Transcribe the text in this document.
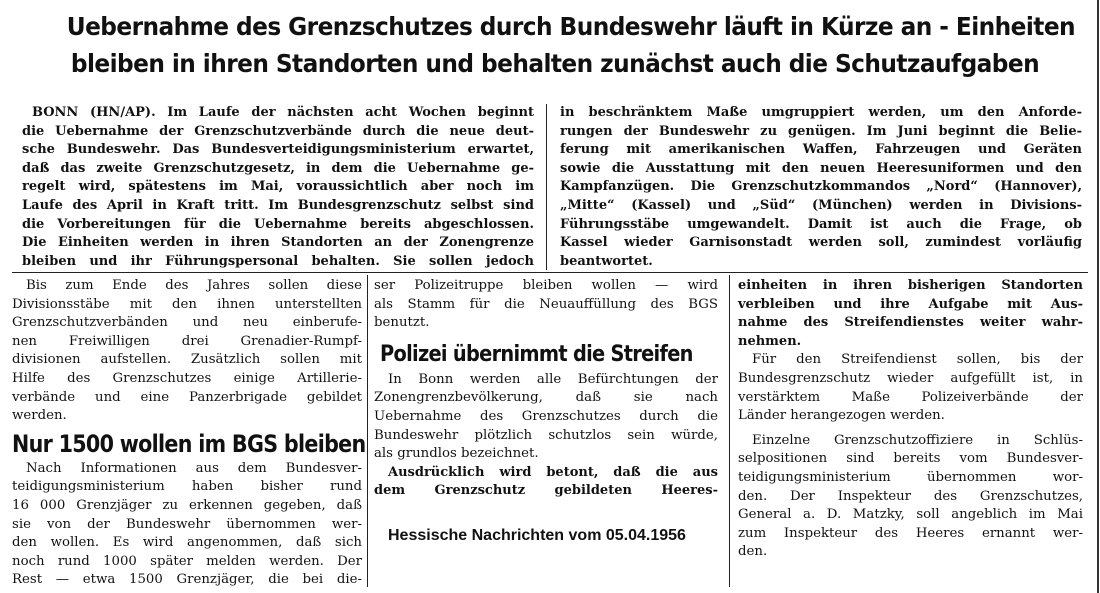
Uebernahme des Grenzschutzes durch Bundeswehr läuft in Kürze an - Einheiten
bleiben in ihren Standorten und behalten zunächst auch die Schutzaufgaben

BONN (HN/AP). Im Laufe der nächsten acht Wochen beginnt
die Uebernahme der Grenzschutzverbände durch die neue deut-
sche Bundeswehr. Das Bundesverteidigungsministerium erwartet,
daß das zweite Grenzschutzgesetz, in dem die Uebernahme ge-
regelt wird, spätestens im Mai, voraussichtlich aber noch im
Laufe des April in Kraft tritt. Im Bundesgrenzschutz selbst sind
die Vorbereitungen für die Uebernahme bereits abgeschlossen.
Die Einheiten werden in ihren Standorten an der Zonengrenze
bleiben und ihr Führungspersonal behalten. Sie sollen jedoch

in beschränktem Maße umgruppiert werden, um den Anforde-
rungen der Bundeswehr zu genügen. Im Juni beginnt die Belie-
ferung mit amerikanischen Waffen, Fahrzeugen und Geräten
sowie die Ausstattung mit den neuen Heeresuniformen und den
Kampfanzügen. Die Grenzschutzkommandos „Nord“ (Hannover),
„Mitte“ (Kassel) und „Süd“ (München) werden in Divisions-
Führungsstäbe umgewandelt. Damit ist auch die Frage, ob
Kassel wieder Garnisonstadt werden soll, zumindest vorläufig
beantwortet.

Bis zum Ende des Jahres sollen diese
Divisionsstäbe mit den ihnen unterstellten
Grenzschutzverbänden und neu einberufe-
nen Freiwilligen drei Grenadier-Rumpf-
divisionen aufstellen. Zusätzlich sollen mit
Hilfe des Grenzschutzes einige Artillerie-
verbände und eine Panzerbrigade gebildet
werden.

Nur 1500 wollen im BGS bleiben

Nach Informationen aus dem Bundesver-
teidigungsministerium haben bisher rund
16 000 Grenzjäger zu erkennen gegeben, daß
sie von der Bundeswehr übernommen wer-
den wollen. Es wird angenommen, daß sich
noch rund 1000 später melden werden. Der
Rest — etwa 1500 Grenzjäger, die bei die-

ser Polizeitruppe bleiben wollen — wird
als Stamm für die Neuauffüllung des BGS
benutzt.

Polizei übernimmt die Streifen

In Bonn werden alle Befürchtungen der
Zonengrenzbevölkerung, daß sie nach
Uebernahme des Grenzschutzes durch die
Bundeswehr plötzlich schutzlos sein würde,
als grundlos bezeichnet.

Ausdrücklich wird betont, daß die aus
dem Grenzschutz gebildeten Heeres-

einheiten in ihren bisherigen Standorten
verbleiben und ihre Aufgabe mit Aus-
nahme des Streifendienstes weiter wahr-
nehmen.

Für den Streifendienst sollen, bis der
Bundesgrenzschutz wieder aufgefüllt ist, in
verstärktem Maße Polizeiverbände der
Länder herangezogen werden.

Einzelne Grenzschutzoffiziere in Schlüs-
selpositionen sind bereits vom Bundesver-
teidigungsministerium übernommen wor-
den. Der Inspekteur des Grenzschutzes,
General a. D. Matzky, soll angeblich im Mai
zum Inspekteur des Heeres ernannt wer-
den.

Hessische Nachrichten vom 05.04.1956
